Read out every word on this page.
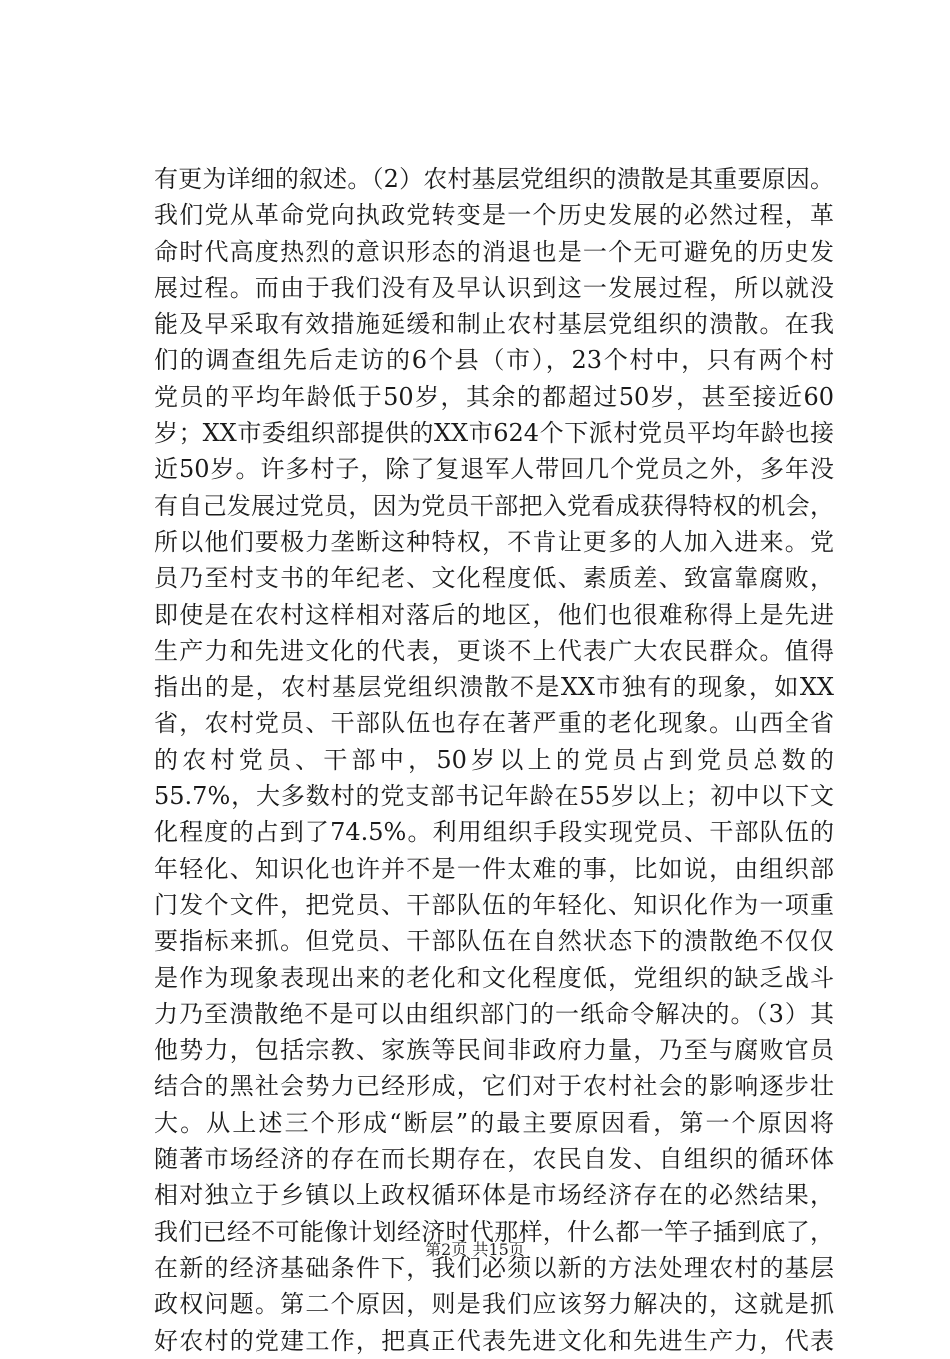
有更为详细的叙述。（2）农村基层党组织的溃散是其重要原因。
我们党从革命党向执政党转变是一个历史发展的必然过程，革
命时代高度热烈的意识形态的消退也是一个无可避免的历史发
展过程。而由于我们没有及早认识到这一发展过程，所以就没
能及早采取有效措施延缓和制止农村基层党组织的溃散。在我
们的调查组先后走访的6个县（市），23个村中，只有两个村
党员的平均年龄低于50岁，其余的都超过50岁，甚至接近60
岁；XX市委组织部提供的XX市624个下派村党员平均年龄也接
近50岁。许多村子，除了复退军人带回几个党员之外，多年没
有自己发展过党员，因为党员干部把入党看成获得特权的机会，
所以他们要极力垄断这种特权，不肯让更多的人加入进来。党
员乃至村支书的年纪老、文化程度低、素质差、致富靠腐败，
即使是在农村这样相对落后的地区，他们也很难称得上是先进
生产力和先进文化的代表，更谈不上代表广大农民群众。值得
指出的是，农村基层党组织溃散不是XX市独有的现象，如XX
省，农村党员、干部队伍也存在著严重的老化现象。山西全省
的农村党员、干部中，50岁以上的党员占到党员总数的
55.7%，大多数村的党支部书记年龄在55岁以上；初中以下文
化程度的占到了74.5%。利用组织手段实现党员、干部队伍的
年轻化、知识化也许并不是一件太难的事，比如说，由组织部
门发个文件，把党员、干部队伍的年轻化、知识化作为一项重
要指标来抓。但党员、干部队伍在自然状态下的溃散绝不仅仅
是作为现象表现出来的老化和文化程度低，党组织的缺乏战斗
力乃至溃散绝不是可以由组织部门的一纸命令解决的。（3）其
他势力，包括宗教、家族等民间非政府力量，乃至与腐败官员
结合的黑社会势力已经形成，它们对于农村社会的影响逐步壮
大。从上述三个形成“断层”的最主要原因看，第一个原因将
随著市场经济的存在而长期存在，农民自发、自组织的循环体
相对独立于乡镇以上政权循环体是市场经济存在的必然结果，
我们已经不可能像计划经济时代那样，什么都一竿子插到底了，
在新的经济基础条件下，我们必须以新的方法处理农村的基层
政权问题。第二个原因，则是我们应该努力解决的，这就是抓
好农村的党建工作，把真正代表先进文化和先进生产力，代表
第2页 共15页
